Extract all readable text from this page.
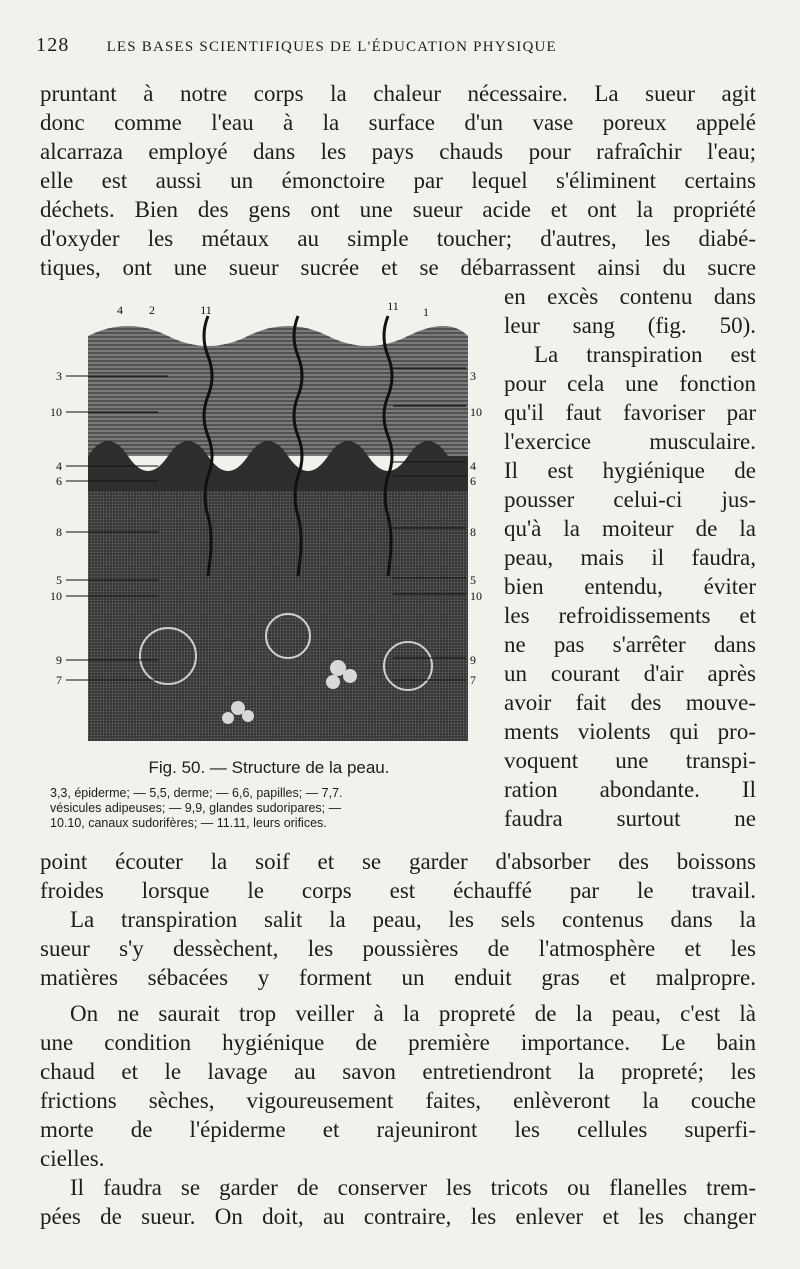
128 LES BASES SCIENTIFIQUES DE L'ÉDUCATION PHYSIQUE
pruntant à notre corps la chaleur nécessaire. La sueur agit
donc comme l'eau à la surface d'un vase poreux appelé
alcarraza employé dans les pays chauds pour rafraîchir l'eau;
elle est aussi un émonctoire par lequel s'éliminent certains
déchets. Bien des gens ont une sueur acide et ont la propriété
d'oxyder les métaux au simple toucher; d'autres, les diabé-
tiques, ont une sueur sucrée et se débarrassent ainsi du sucre
en excès contenu dans
leur sang (fig. 50).
La transpiration est
pour cela une fonction
qu'il faut favoriser par
l'exercice musculaire.
Il est hygiénique de
pousser celui-ci jus-
qu'à la moiteur de la
peau, mais il faudra,
bien entendu, éviter
les refroidissements et
ne pas s'arrêter dans
un courant d'air après
avoir fait des mouve-
ments violents qui pro-
voquent une transpi-
ration abondante. Il
faudra surtout ne
4 2	11	11 1
3
10
4
6
8
5
10
9
7
3
10
4
6
8
5
10
9
7
Fig. 50. — Structure de la peau.
3,3, épiderme; — 5,5, derme; — 6,6, papilles; — 7,7.
vésicules adipeuses; — 9,9, glandes sudoripares; —
10.10, canaux sudorifères; — 11.11, leurs orifices.
point écouter la soif et se garder d'absorber des boissons
froides lorsque le corps est échauffé par le travail.
La transpiration salit la peau, les sels contenus dans la
sueur s'y dessèchent, les poussières de l'atmosphère et les
matières sébacées y forment un enduit gras et malpropre.
On ne saurait trop veiller à la propreté de la peau, c'est là
une condition hygiénique de première importance. Le bain
chaud et le lavage au savon entretiendront la propreté; les
frictions sèches, vigoureusement faites, enlèveront la couche
morte de l'épiderme et rajeuniront les cellules superfi-
cielles.
Il faudra se garder de conserver les tricots ou flanelles trem-
pées de sueur. On doit, au contraire, les enlever et les changer
